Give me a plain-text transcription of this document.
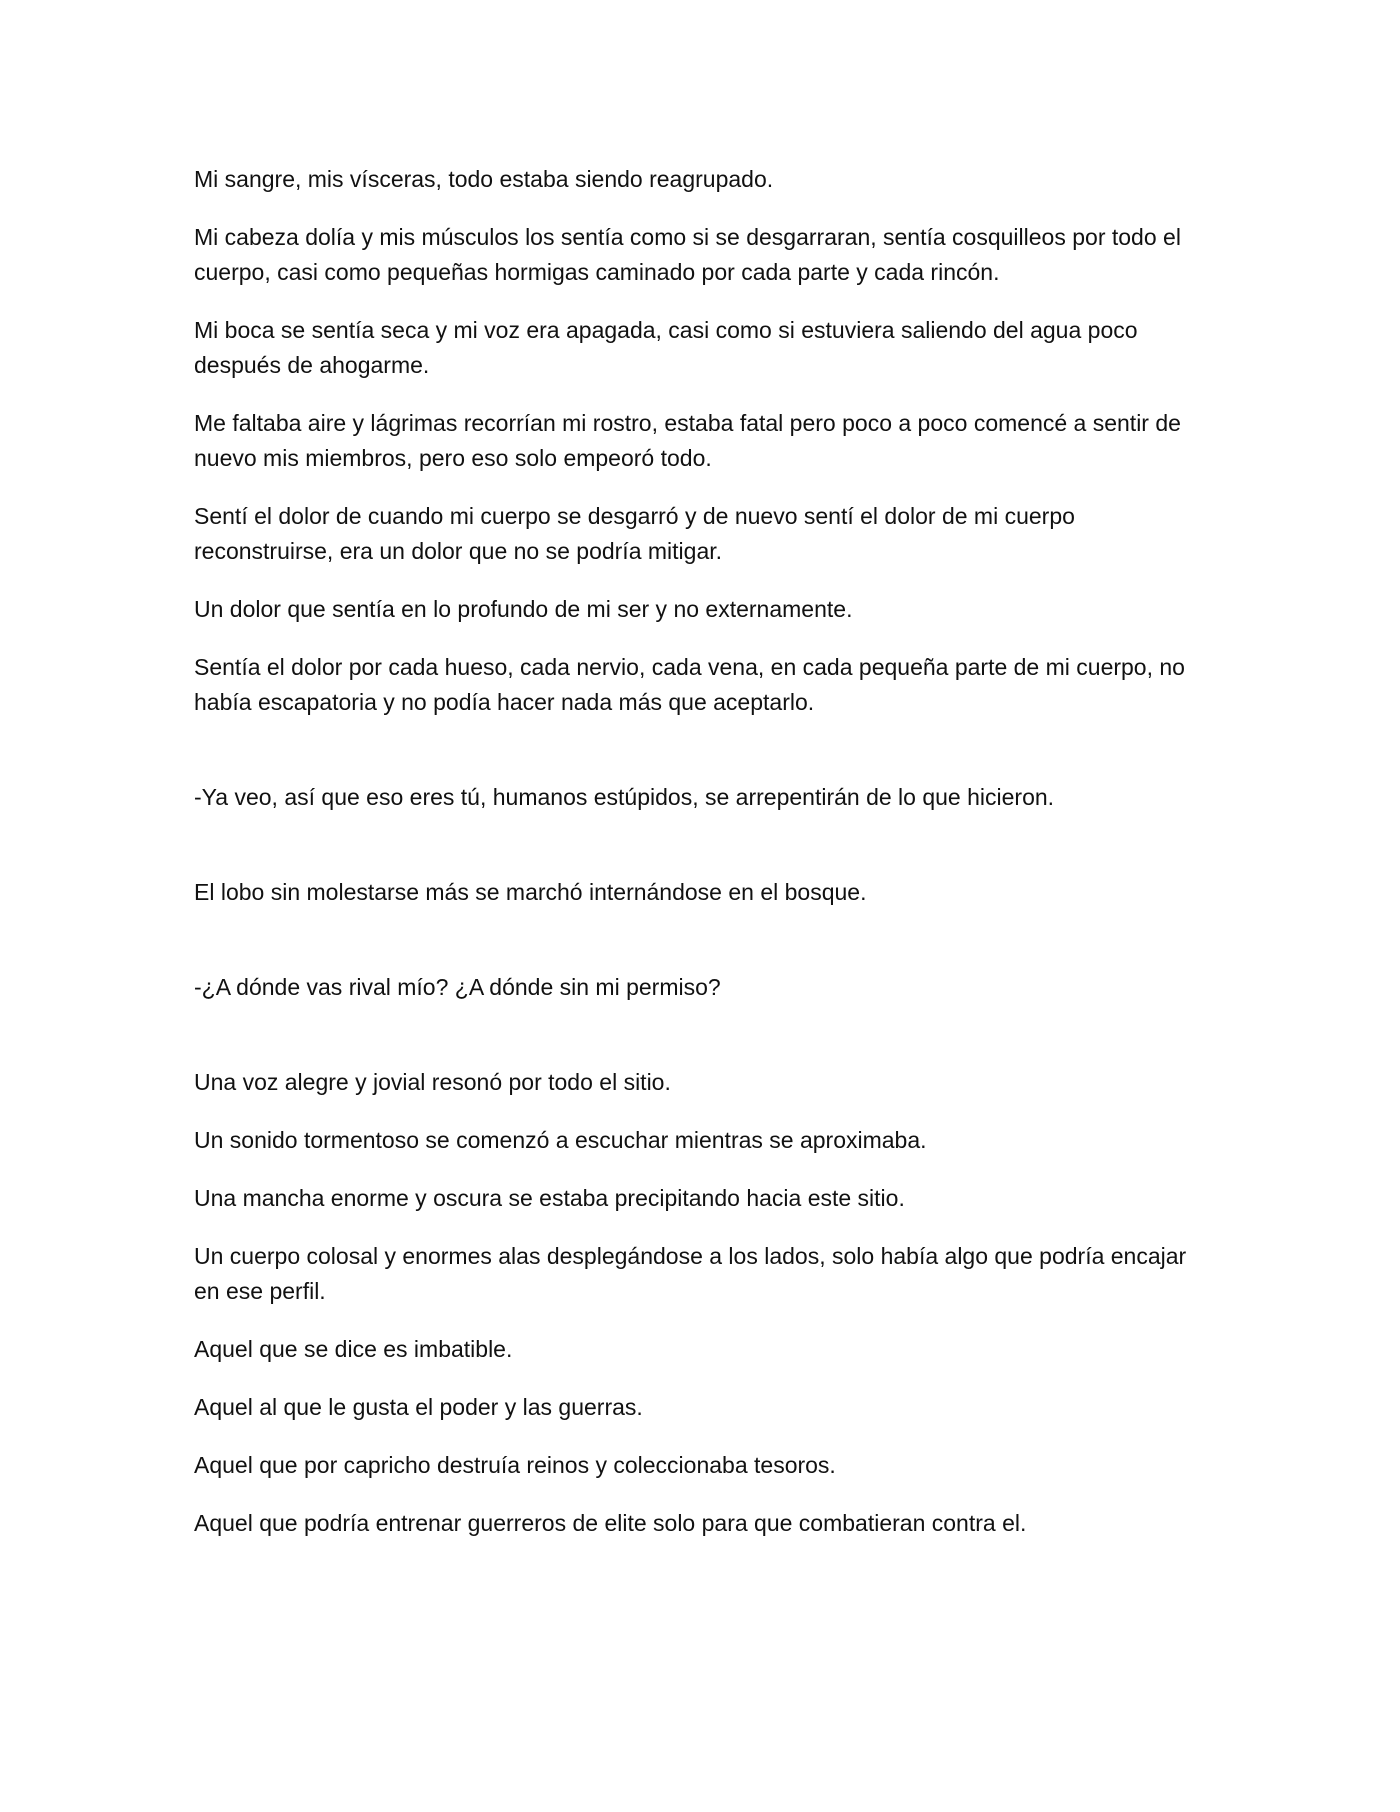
Mi sangre, mis vísceras, todo estaba siendo reagrupado.

Mi cabeza dolía y mis músculos los sentía como si se desgarraran, sentía cosquilleos por todo el cuerpo, casi como pequeñas hormigas caminado por cada parte y cada rincón.

Mi boca se sentía seca y mi voz era apagada, casi como si estuviera saliendo del agua poco después de ahogarme.

Me faltaba aire y lágrimas recorrían mi rostro, estaba fatal pero poco a poco comencé a sentir de nuevo mis miembros, pero eso solo empeoró todo.

Sentí el dolor de cuando mi cuerpo se desgarró y de nuevo sentí el dolor de mi cuerpo reconstruirse, era un dolor que no se podría mitigar.

Un dolor que sentía en lo profundo de mi ser y no externamente.

Sentía el dolor por cada hueso, cada nervio, cada vena, en cada pequeña parte de mi cuerpo, no había escapatoria y no podía hacer nada más que aceptarlo.

-Ya veo, así que eso eres tú, humanos estúpidos, se arrepentirán de lo que hicieron.

El lobo sin molestarse más se marchó internándose en el bosque.

-¿A dónde vas rival mío? ¿A dónde sin mi permiso?

Una voz alegre y jovial resonó por todo el sitio.

Un sonido tormentoso se comenzó a escuchar mientras se aproximaba.

Una mancha enorme y oscura se estaba precipitando hacia este sitio.

Un cuerpo colosal y enormes alas desplegándose a los lados, solo había algo que podría encajar en ese perfil.

Aquel que se dice es imbatible.

Aquel al que le gusta el poder y las guerras.

Aquel que por capricho destruía reinos y coleccionaba tesoros.

Aquel que podría entrenar guerreros de elite solo para que combatieran contra el.
